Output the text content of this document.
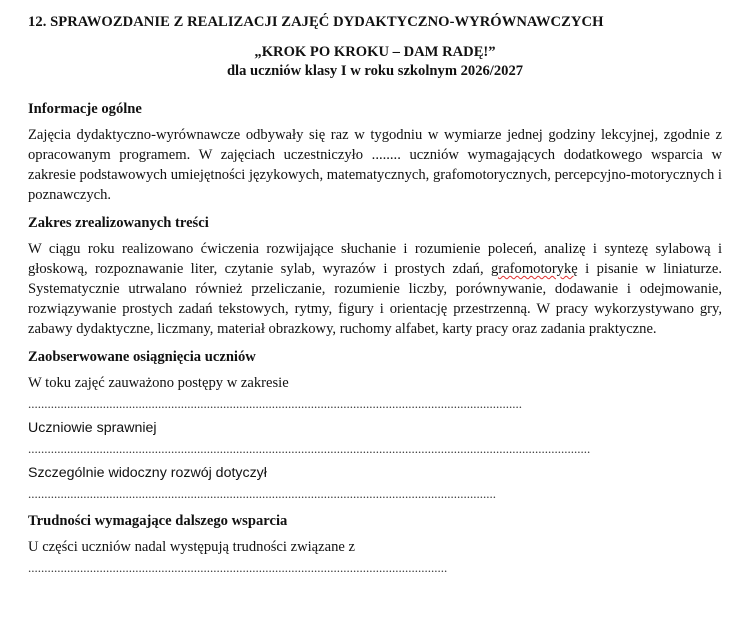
12. SPRAWOZDANIE Z REALIZACJI ZAJĘĆ DYDAKTYCZNO-WYRÓWNAWCZYCH
„KROK PO KROKU – DAM RADĘ!”
dla uczniów klasy I w roku szkolnym 2026/2027
Informacje ogólne
Zajęcia dydaktyczno-wyrównawcze odbywały się raz w tygodniu w wymiarze jednej godziny lekcyjnej, zgodnie z opracowanym programem. W zajęciach uczestniczyło ........ uczniów wymagających dodatkowego wsparcia w zakresie podstawowych umiejętności językowych, matematycznych, grafomotorycznych, percepcyjno-motorycznych i poznawczych.
Zakres zrealizowanych treści
W ciągu roku realizowano ćwiczenia rozwijające słuchanie i rozumienie poleceń, analizę i syntezę sylabową i głoskową, rozpoznawanie liter, czytanie sylab, wyrazów i prostych zdań, grafomotorykę i pisanie w liniaturze. Systematycznie utrwalano również przeliczanie, rozumienie liczby, porównywanie, dodawanie i odejmowanie, rozwiązywanie prostych zadań tekstowych, rytmy, figury i orientację przestrzenną. W pracy wykorzystywano gry, zabawy dydaktyczne, liczmany, materiał obrazkowy, ruchomy alfabet, karty pracy oraz zadania praktyczne.
Zaobserwowane osiągnięcia uczniów
W toku zajęć zauważono postępy w zakresie
........................................................................................................................................................
Uczniowie sprawniej
.............................................................................................................................................................................
Szczególnie widoczny rozwój dotyczył
................................................................................................................................................
Trudności wymagające dalszego wsparcia
U części uczniów nadal występują trudności związane z
.................................................................................................................................
